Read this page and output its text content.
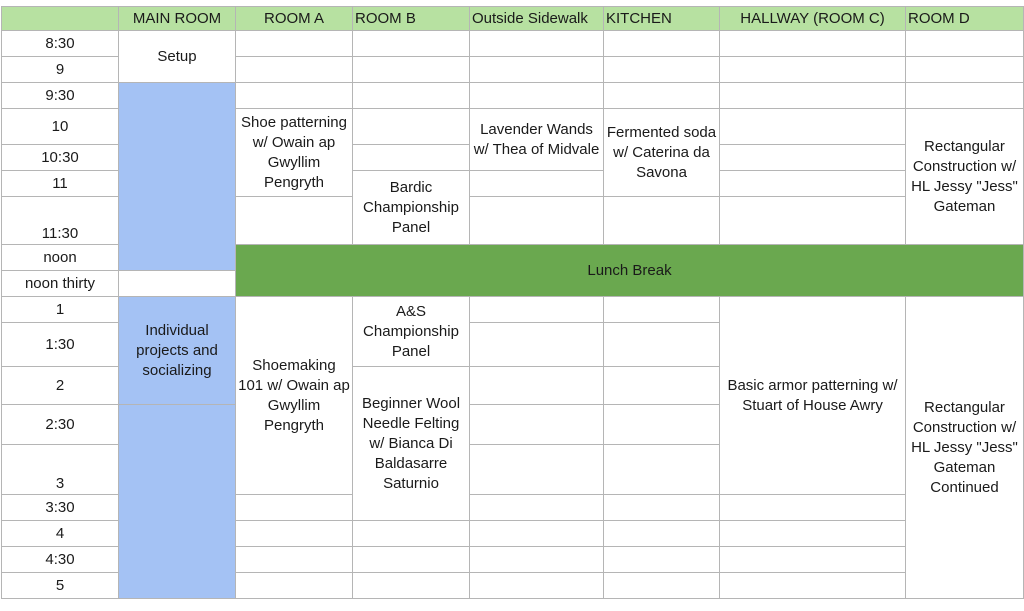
	MAIN ROOM	ROOM A	ROOM B	Outside Sidewalk	KITCHEN	HALLWAY (ROOM C)	ROOM D	
8:30	Setup							
9								
9:30								
10		Shoe patterning w/ Owain ap Gwyllim Pengryth		Lavender Wands w/ Thea of Midvale	Fermented soda w/ Caterina da Savona		Rectangular Construction w/ HL Jessy "Jess" Gateman	
10:30								
11			Bardic Championship Panel					
11:30								
noon		Lunch Break						
noon thirty								
1	Individual projects and socializing	Shoemaking 101 w/ Owain ap Gwyllim Pengryth	A&S Championship Panel			Basic armor patterning w/ Stuart of House Awry	Rectangular Construction w/ HL Jessy "Jess" Gateman Continued	
1:30								
2			Beginner Wool Needle Felting w/ Bianca Di Baldasarre Saturnio					
2:30								
3								
3:30								
4								
4:30								
5								
